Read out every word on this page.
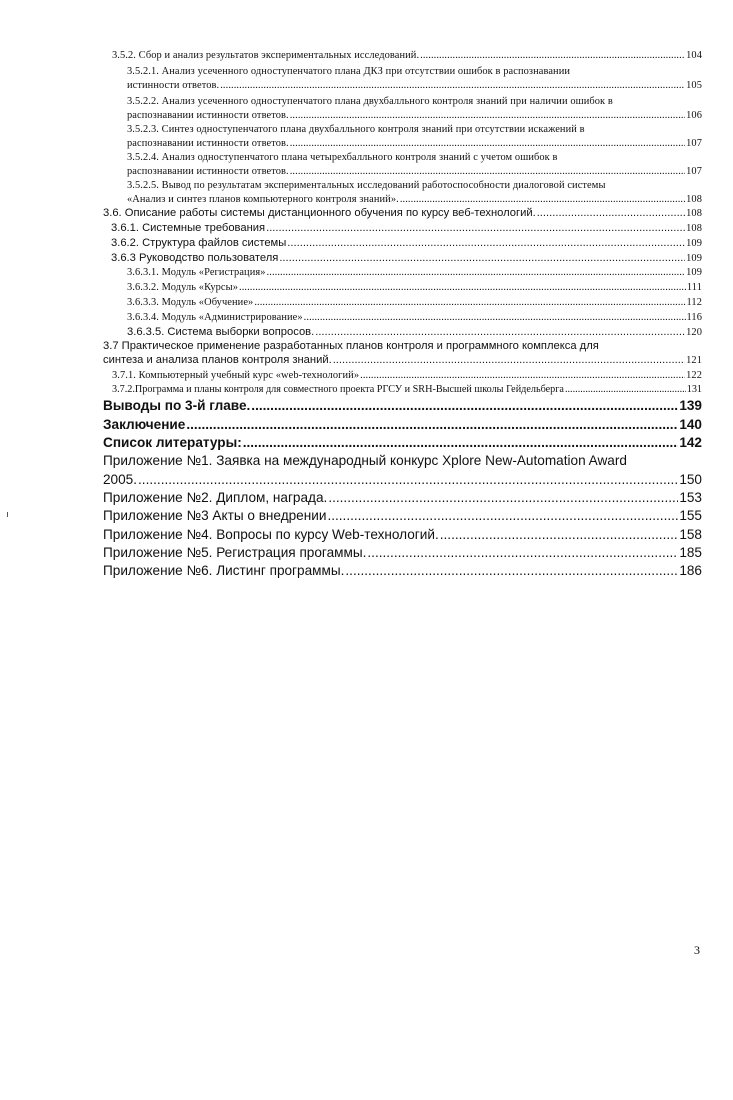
3.5.2. Сбор и анализ результатов экспериментальных исследований. .....	104
3.5.2.1. Анализ усеченного одноступенчатого плана ДКЗ при отсутствии ошибок в распознавании
истинности ответов. .....	105
3.5.2.2. Анализ усеченного одноступенчатого плана двухбалльного контроля знаний при наличии ошибок в
распознавании истинности ответов. .....	106
3.5.2.3. Синтез одноступенчатого плана двухбалльного контроля знаний при отсутствии искажений в
распознавании истинности ответов. .....	107
3.5.2.4. Анализ одноступенчатого плана четырехбалльного контроля знаний с учетом ошибок в
распознавании истинности ответов. .....	107
3.5.2.5. Вывод по результатам экспериментальных исследований работоспособности диалоговой системы
«Анализ и синтез планов компьютерного контроля знаний». .....	108
3.6. Описание работы системы дистанционного обучения по курсу веб-технологий. .....	108
3.6.1. Системные требования .....	108
3.6.2. Структура файлов системы .....	109
3.6.3 Руководство пользователя .....	109
3.6.3.1. Модуль «Регистрация» .....	109
3.6.3.2. Модуль «Курсы» .....	111
3.6.3.3. Модуль «Обучение» .....	112
3.6.3.4. Модуль «Администрирование» .....	116
3.6.3.5. Система выборки вопросов. .....	120
3.7 Практическое применение разработанных планов контроля и программного комплекса для
синтеза и анализа планов контроля знаний. .....	121
3.7.1. Компьютерный учебный курс «web-технологий» .....	122
3.7.2.Программа и планы контроля для совместного проекта РГСУ и SRH-Высшей школы Гейдельберга .....	131
Выводы по 3-й главе. .....	139
Заключение .....	140
Список литературы: .....	142
Приложение №1. Заявка на международный конкурс Xplore New-Automation Award
2005. .....	150
Приложение №2. Диплом, награда. .....	153
Приложение №3 Акты о внедрении .....	155
Приложение №4. Вопросы по курсу Web-технологий. .....	158
Приложение №5. Регистрация прогаммы. .....	185
Приложение №6. Листинг программы. .....	186
3
